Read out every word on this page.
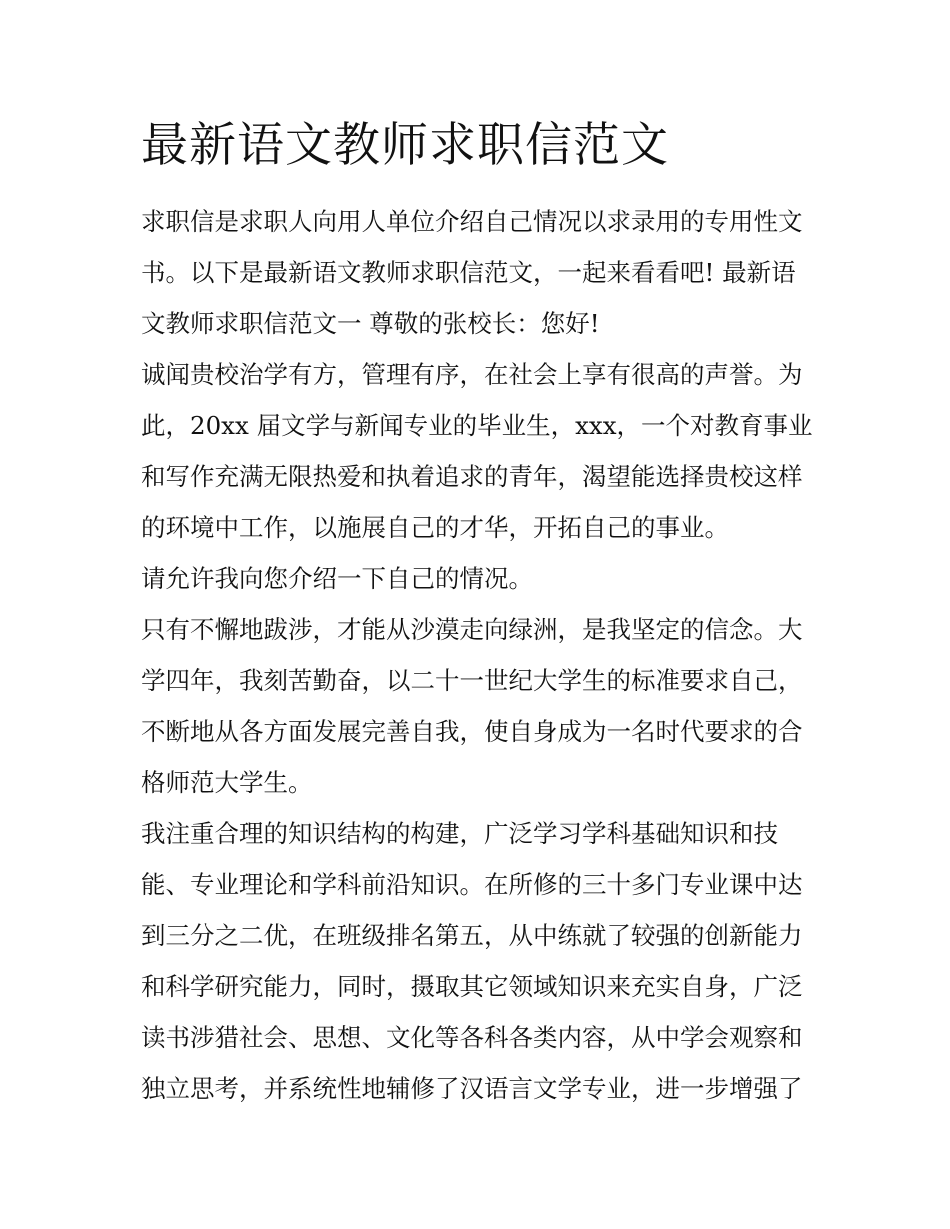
最新语文教师求职信范文
求职信是求职人向用人单位介绍自己情况以求录用的专用性文
书。以下是最新语文教师求职信范文，一起来看看吧! 最新语
文教师求职信范文一 尊敬的张校长：您好!
诚闻贵校治学有方，管理有序，在社会上享有很高的声誉。为
此，20xx 届文学与新闻专业的毕业生，xxx，一个对教育事业
和写作充满无限热爱和执着追求的青年，渴望能选择贵校这样
的环境中工作，以施展自己的才华，开拓自己的事业。
请允许我向您介绍一下自己的情况。
只有不懈地跋涉，才能从沙漠走向绿洲，是我坚定的信念。大
学四年，我刻苦勤奋，以二十一世纪大学生的标准要求自己，
不断地从各方面发展完善自我，使自身成为一名时代要求的合
格师范大学生。
我注重合理的知识结构的构建，广泛学习学科基础知识和技
能、专业理论和学科前沿知识。在所修的三十多门专业课中达
到三分之二优，在班级排名第五，从中练就了较强的创新能力
和科学研究能力，同时，摄取其它领域知识来充实自身，广泛
读书涉猎社会、思想、文化等各科各类内容，从中学会观察和
独立思考，并系统性地辅修了汉语言文学专业，进一步增强了
